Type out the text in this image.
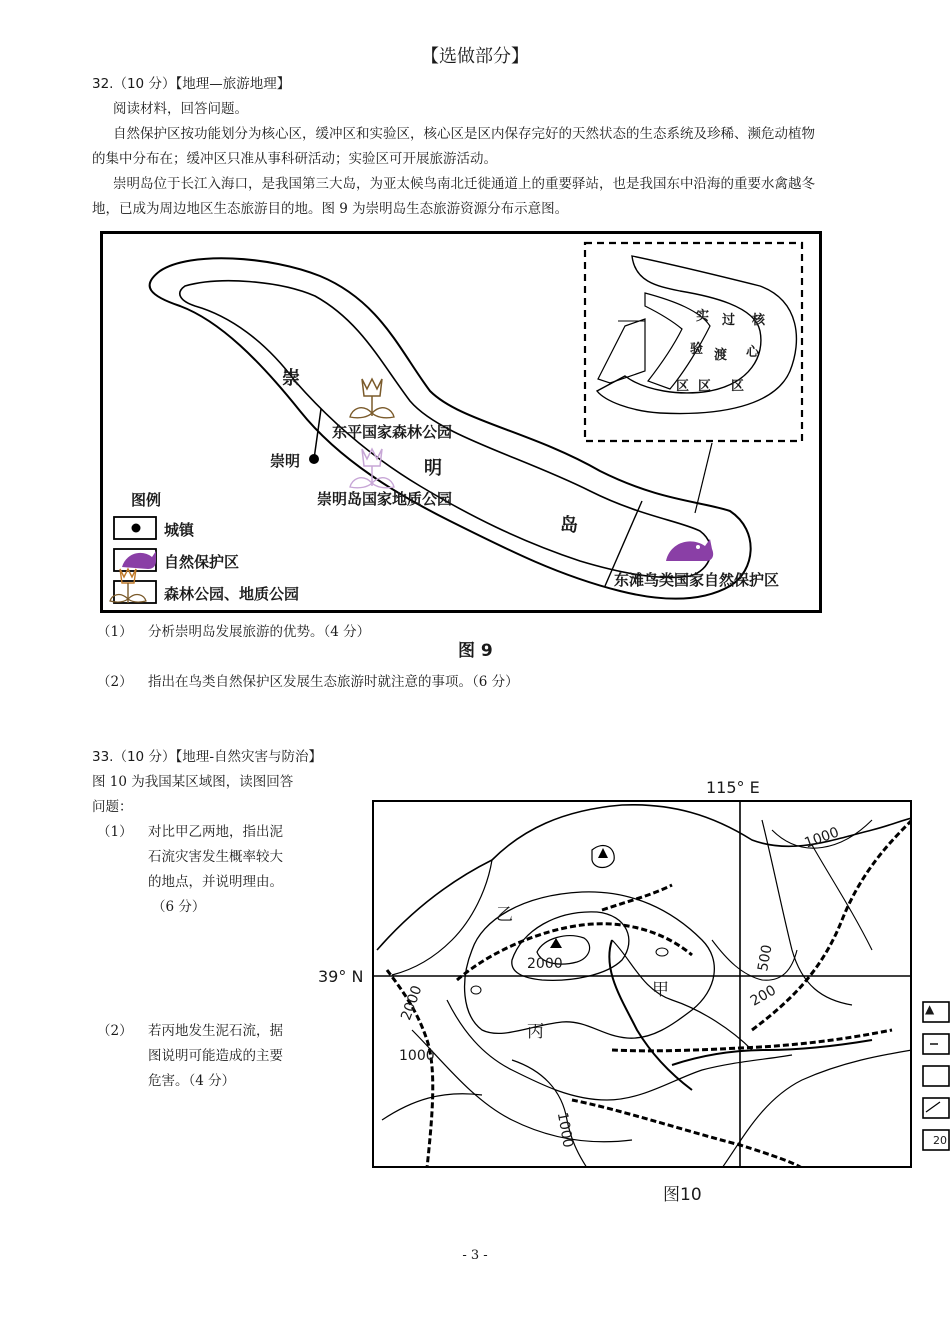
【选做部分】
32.（10 分）【地理—旅游地理】
阅读材料，回答问题。
自然保护区按功能划分为核心区，缓冲区和实验区，核心区是区内保存完好的天然状态的生态系统及珍稀、濒危动植物
的集中分布在；缓冲区只准从事科研活动；实验区可开展旅游活动。
崇明岛位于长江入海口，是我国第三大岛，为亚太候鸟南北迁徙通道上的重要驿站，也是我国东中沿海的重要水禽越冬
地，已成为周边地区生态旅游目的地。图 9 为崇明岛生态旅游资源分布示意图。
崇
明
岛
崇明
东平国家森林公园
崇明岛国家地质公园
东滩鸟类国家自然保护区
实
验
区
过
渡
区
核
心
区
图例
城镇
自然保护区
森林公园、地质公园
（1） 分析崇明岛发展旅游的优势。（4 分）
图 9
（2） 指出在鸟类自然保护区发展生态旅游时就注意的事项。（6 分）
33.（10 分）【地理-自然灾害与防治】
图 10 为我国某区域图，读图回答
问题：
（1） 对比甲乙两地，指出泥
石流灾害发生概率较大
的地点，并说明理由。
（6 分）
（2） 若丙地发生泥石流，据
图说明可能造成的主要
危害。（4 分）
115° E
39° N
乙
甲
丙
2000
2000
1000
1000
1000
500
200	▲
20
图10
- 3 -
